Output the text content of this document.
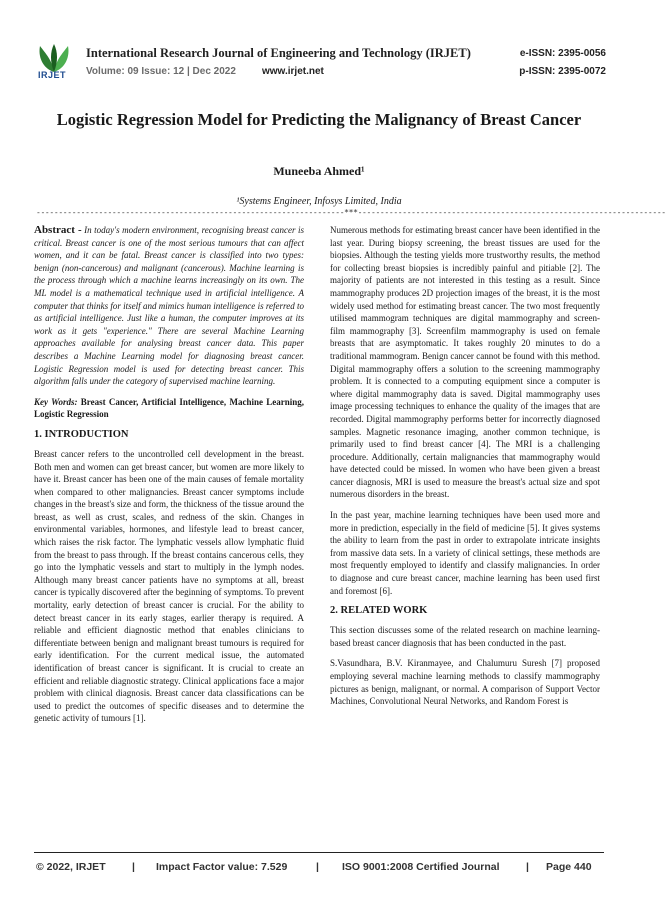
IRJET
International Research Journal of Engineering and Technology (IRJET)
Volume: 09 Issue: 12 | Dec 2022	www.irjet.net
e-ISSN: 2395-0056
p-ISSN: 2395-0072
Logistic Regression Model for Predicting the Malignancy of Breast Cancer
Muneeba Ahmed¹
¹Systems Engineer, Infosys Limited, India
---------------------------------------------------------------------***---------------------------------------------------------------------

Abstract - In today's modern environment, recognising breast cancer is critical. Breast cancer is one of the most serious tumours that can affect women, and it can be fatal. Breast cancer is classified into two types: benign (non-cancerous) and malignant (cancerous). Machine learning is the process through which a machine learns increasingly on its own. The ML model is a mathematical technique used in artificial intelligence. A computer that thinks for itself and mimics human intelligence is referred to as artificial intelligence. Just like a human, the computer improves at its work as it gets "experience." There are several Machine Learning approaches available for analysing breast cancer data. This paper describes a Machine Learning model for diagnosing breast cancer. Logistic Regression model is used for detecting breast cancer. This algorithm falls under the category of supervised machine learning.

Key Words: Breast Cancer, Artificial Intelligence, Machine Learning, Logistic Regression

1. INTRODUCTION

Breast cancer refers to the uncontrolled cell development in the breast. Both men and women can get breast cancer, but women are more likely to have it. Breast cancer has been one of the main causes of female mortality when compared to other malignancies. Breast cancer symptoms include changes in the breast's size and form, the thickness of the tissue around the breast, as well as crust, scales, and redness of the skin. Changes in environmental variables, hormones, and lifestyle lead to breast cancer, which raises the risk factor. The lymphatic vessels allow lymphatic fluid from the breast to pass through. If the breast contains cancerous cells, they go into the lymphatic vessels and start to multiply in the lymph nodes. Although many breast cancer patients have no symptoms at all, breast cancer is typically discovered after the beginning of symptoms. To prevent mortality, early detection of breast cancer is crucial. For the ability to detect breast cancer in its early stages, earlier therapy is required. A reliable and efficient diagnostic method that enables clinicians to differentiate between benign and malignant breast tumours is required for early identification. For the current medical issue, the automated identification of breast cancer is significant. It is crucial to create an efficient and reliable diagnostic strategy. Clinical applications face a major problem with clinical diagnosis. Breast cancer data classifications can be used to predict the outcomes of specific diseases and to determine the genetic activity of tumours [1].

Numerous methods for estimating breast cancer have been identified in the last year. During biopsy screening, the breast tissues are used for the biopsies. Although the testing yields more trustworthy results, the method for collecting breast biopsies is incredibly painful and pitiable [2]. The majority of patients are not interested in this testing as a result. Since mammography produces 2D projection images of the breast, it is the most widely used method for estimating breast cancer. The two most frequently utilised mammogram techniques are digital mammography and screen-film mammography [3]. Screenfilm mammography is used on female breasts that are asymptomatic. It takes roughly 20 minutes to do a traditional mammogram. Benign cancer cannot be found with this method. Digital mammography offers a solution to the screening mammography problem. It is connected to a computing equipment since a computer is where digital mammography data is saved. Digital mammography uses image processing techniques to enhance the quality of the images that are recorded. Digital mammography performs better for incorrectly diagnosed samples. Magnetic resonance imaging, another common technique, is primarily used to find breast cancer [4]. The MRI is a challenging procedure. Additionally, certain malignancies that mammography would have detected could be missed. In women who have been given a breast cancer diagnosis, MRI is used to measure the breast's actual size and spot numerous disorders in the breast.

In the past year, machine learning techniques have been used more and more in prediction, especially in the field of medicine [5]. It gives systems the ability to learn from the past in order to extrapolate intricate insights from massive data sets. In a variety of clinical settings, these methods are most frequently employed to identify and classify malignancies. In order to diagnose and cure breast cancer, machine learning has been used first and foremost [6].

2. RELATED WORK

This section discusses some of the related research on machine learning-based breast cancer diagnosis that has been conducted in the past.

S.Vasundhara, B.V. Kiranmayee, and Chalumuru Suresh [7] proposed employing several machine learning methods to classify mammography pictures as benign, malignant, or normal. A comparison of Support Vector Machines, Convolutional Neural Networks, and Random Forest is

© 2022, IRJET	| Impact Factor value: 7.529	| ISO 9001:2008 Certified Journal	| Page 440
